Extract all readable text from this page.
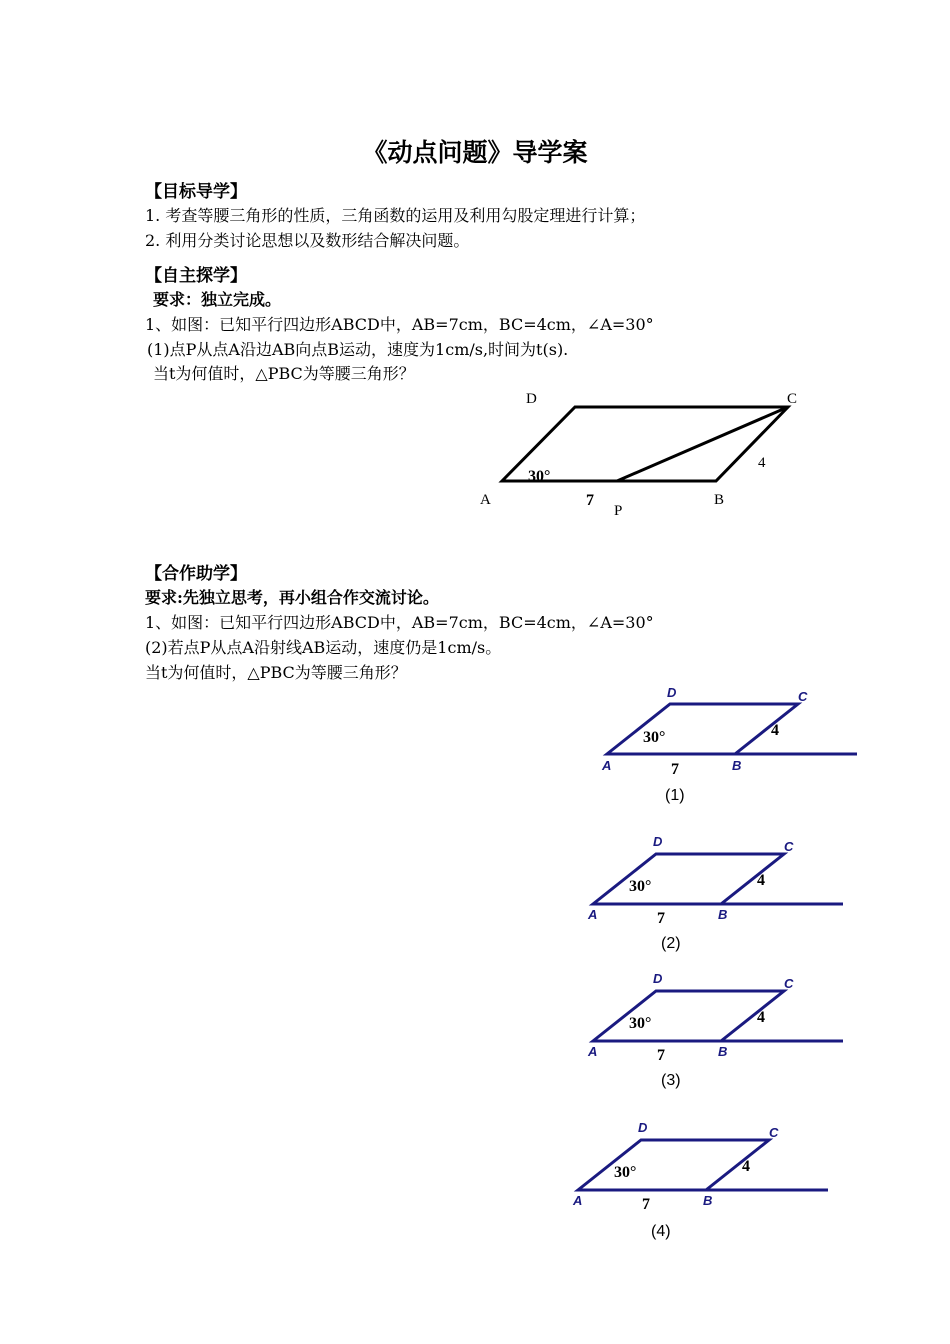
《动点问题》导学案
【目标导学】
1. 考查等腰三角形的性质，三角函数的运用及利用勾股定理进行计算；
2. 利用分类讨论思想以及数形结合解决问题。
【自主探学】
要求：独立完成。
1、如图：已知平行四边形ABCD中，AB=7cm，BC=4cm，∠A=30°
(1)点P从点A沿边AB向点B运动，速度为1cm/s,时间为t(s).
当t为何值时，△PBC为等腰三角形？
D	C
A	B
P
30°
7
4
【合作助学】
要求:先独立思考，再小组合作交流讨论。
1、如图：已知平行四边形ABCD中，AB=7cm，BC=4cm，∠A=30°
(2)若点P从点A沿射线AB运动，速度仍是1cm/s。
当t为何值时，△PBC为等腰三角形？
D	C
A	B
30°
7
4
(1)
D	C
A	B
30°
7
4
(2)
D	C
A	B
30°
7
4
(3)
D	C
A	B
30°
7
4
(4)
